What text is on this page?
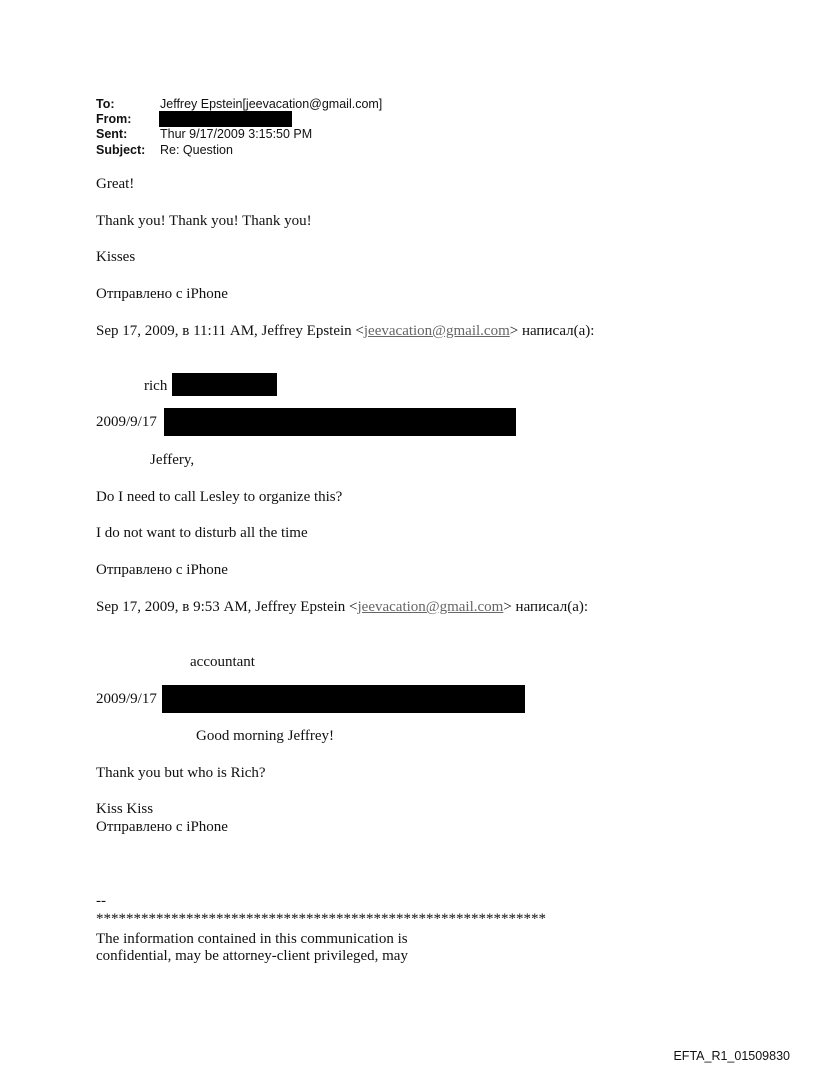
To:	Jeffrey Epstein[jeevacation@gmail.com]
From:
Sent:	Thur 9/17/2009 3:15:50 PM
Subject: Re: Question
Great!
Thank you! Thank you! Thank you!
Kisses
Отправлено с iPhone
Sep 17, 2009, в 11:11 AM, Jeffrey Epstein <jeevacation@gmail.com> написал(а):
rich
2009/9/17
Jeffery,
Do I need to call Lesley to organize this?
I do not want to disturb all the time
Отправлено с iPhone
Sep 17, 2009, в 9:53 AM, Jeffrey Epstein <jeevacation@gmail.com> написал(а):
accountant
2009/9/17
Good morning Jeffrey!
Thank you but who is Rich?
Kiss Kiss
Отправлено с iPhone
--
************************************************************
The information contained in this communication is
confidential, may be attorney-client privileged, may
EFTA_R1_01509830
